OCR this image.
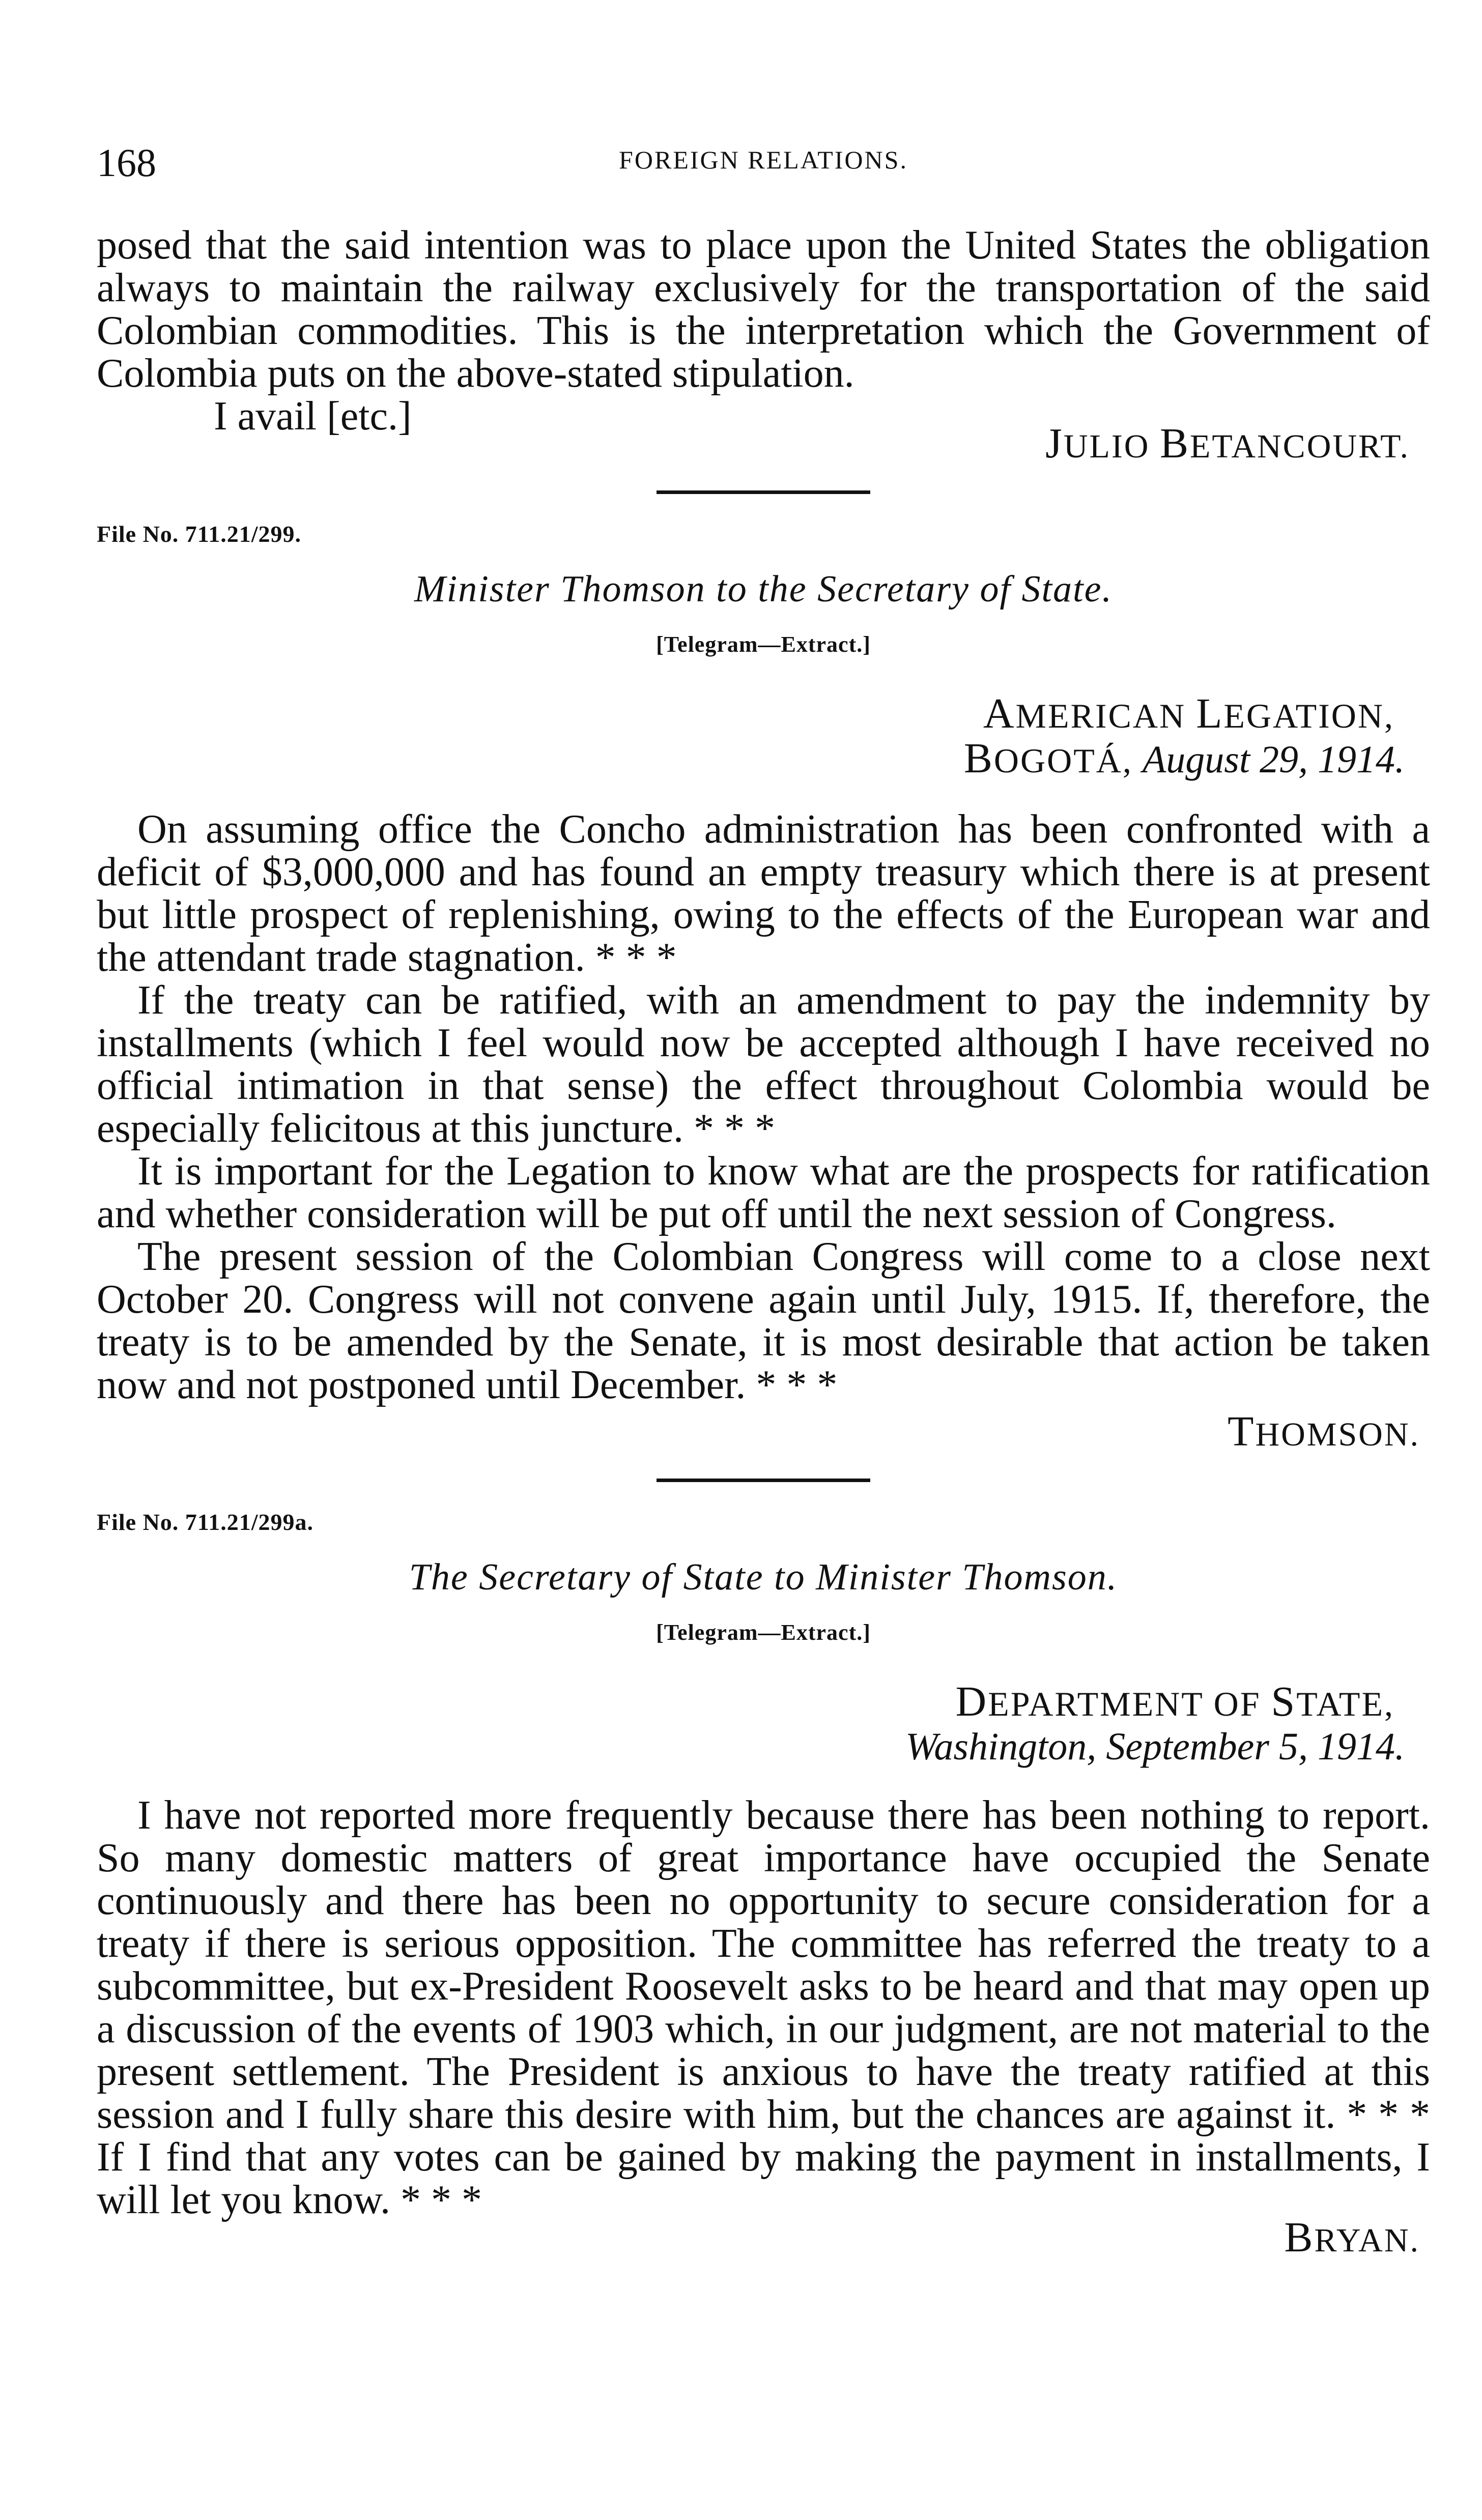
168	FOREIGN RELATIONS.

posed that the said intention was to place upon the United States the obligation always to maintain the railway exclusively for the transportation of the said Colombian commodities. This is the interpretation which the Government of Colombia puts on the above-stated stipulation.

I avail [etc.]

JULIO BETANCOURT.

File No. 711.21/299.

Minister Thomson to the Secretary of State.
[Telegram—Extract.]

AMERICAN LEGATION,

BOGOTÁ, August 29, 1914.

On assuming office the Concho administration has been confronted with a deficit of $3,000,000 and has found an empty treasury which there is at present but little prospect of replenishing, owing to the effects of the European war and the attendant trade stagnation. * * *

If the treaty can be ratified, with an amendment to pay the indemnity by installments (which I feel would now be accepted although I have received no official intimation in that sense) the effect throughout Colombia would be especially felicitous at this juncture. * * *

It is important for the Legation to know what are the prospects for ratification and whether consideration will be put off until the next session of Congress.

The present session of the Colombian Congress will come to a close next October 20. Congress will not convene again until July, 1915. If, therefore, the treaty is to be amended by the Senate, it is most desirable that action be taken now and not postponed until December. * * *

THOMSON.

File No. 711.21/299a.

The Secretary of State to Minister Thomson.
[Telegram—Extract.]

DEPARTMENT OF STATE,

Washington, September 5, 1914.

I have not reported more frequently because there has been nothing to report. So many domestic matters of great importance have occupied the Senate continuously and there has been no opportunity to secure consideration for a treaty if there is serious opposition. The committee has referred the treaty to a subcommittee, but ex-President Roosevelt asks to be heard and that may open up a discussion of the events of 1903 which, in our judgment, are not material to the present settlement. The President is anxious to have the treaty ratified at this session and I fully share this desire with him, but the chances are against it. * * * If I find that any votes can be gained by making the payment in installments, I will let you know. * * *

BRYAN.
